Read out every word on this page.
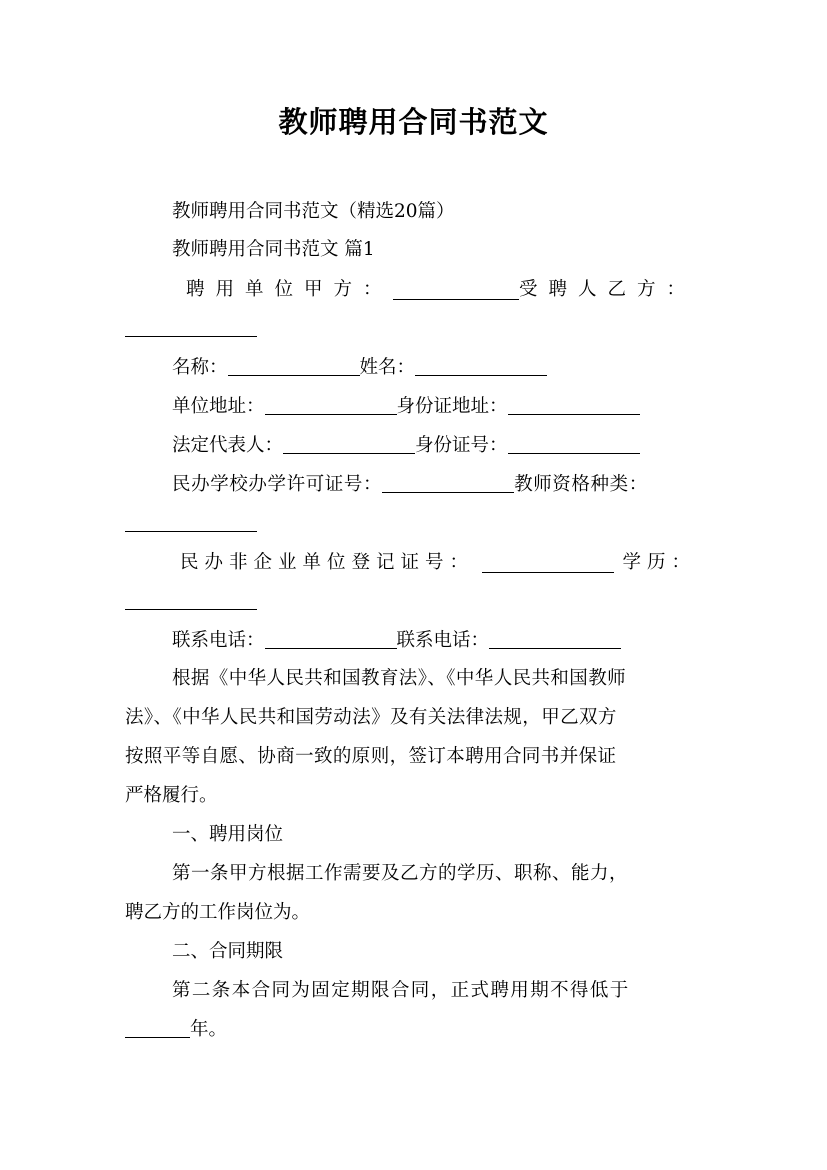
教师聘用合同书范文
教师聘用合同书范文（精选20篇）
教师聘用合同书范文 篇1
聘用单位甲方：	受聘人乙方：
名称：	姓名：
单位地址：	身份证地址：
法定代表人：	身份证号：
民办学校办学许可证号：	教师资格种类：
民办非企业单位登记证号：	学历：
联系电话：	联系电话：
根据《中华人民共和国教育法》、《中华人民共和国教师
法》、《中华人民共和国劳动法》及有关法律法规，甲乙双方
按照平等自愿、协商一致的原则，签订本聘用合同书并保证
严格履行。
一、聘用岗位
第一条甲方根据工作需要及乙方的学历、职称、能力，
聘乙方的工作岗位为。
二、合同期限
第二条本合同为固定期限合同，正式聘用期不得低于
年。
